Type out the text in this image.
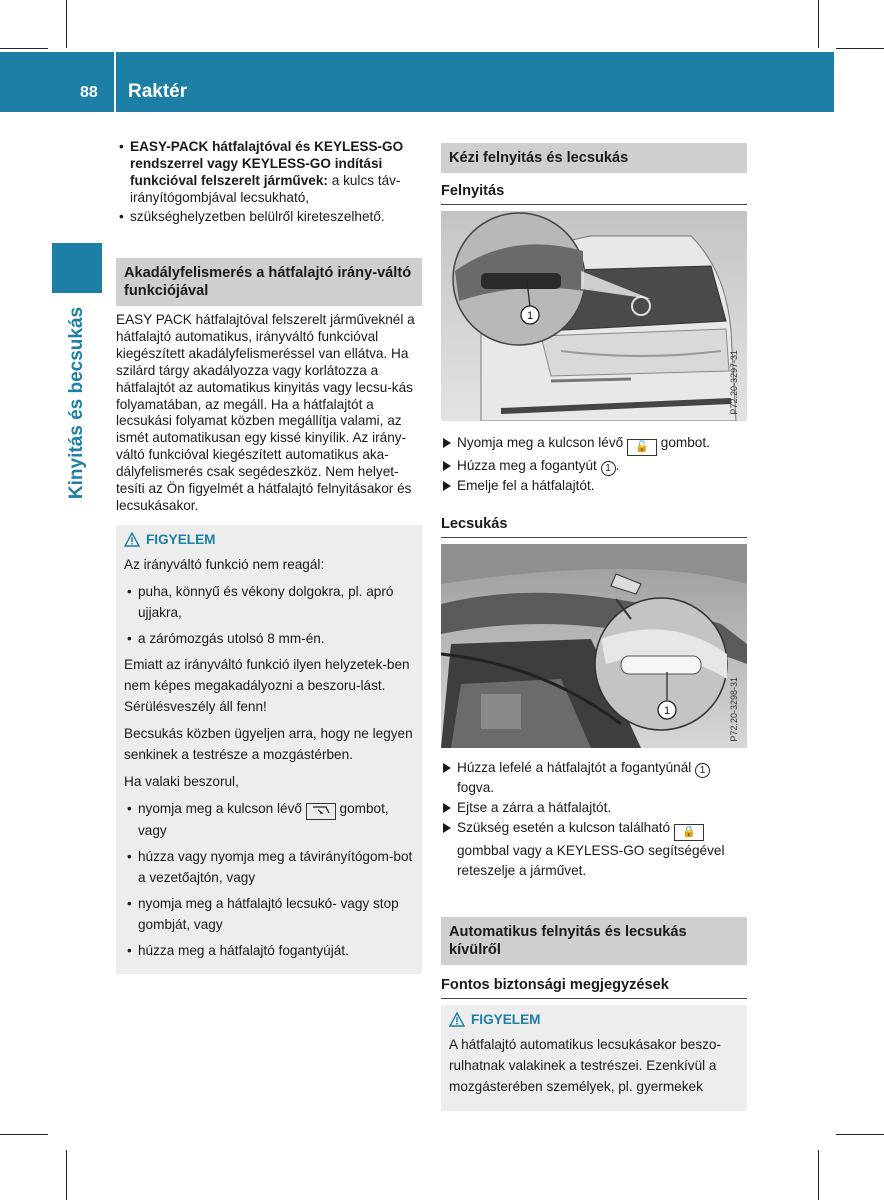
88 Raktér
Kinyitás és becsukás
• EASY-PACK hátfalajtóval és KEYLESS-GO rendszerrel vagy KEYLESS-GO indítási funkcióval felszerelt járművek: a kulcs táv-irányítógombjával lecsukható,
• szükséghelyzetben belülről kireteszelhető.
Akadályfelismerés a hátfalajtó irány-váltó funkciójával
EASY PACK hátfalajtóval felszerelt járműveknél a hátfalajtó automatikus, irányváltó funkcióval kiegészített akadályfelismeréssel van ellátva. Ha szilárd tárgy akadályozza vagy korlátozza a hátfalajtót az automatikus kinyitás vagy lecsu-kás folyamatában, az megáll. Ha a hátfalajtót a lecsukási folyamat közben megállítja valami, az ismét automatikusan egy kissé kinyílik. Az irány-váltó funkcióval kiegészített automatikus aka-dályfelismerés csak segédeszköz. Nem helyet-tesíti az Ön figyelmét a hátfalajtó felnyitásakor és lecsukásakor.
FIGYELEM

Az irányváltó funkció nem reagál:

• puha, könnyű és vékony dolgokra, pl. apró ujjakra,
• a zárómozgás utolsó 8 mm-én.

Emiatt az irányváltó funkció ilyen helyzetek-ben nem képes megakadályozni a beszoru-lást. Sérülésveszély áll fenn!

Becsukás közben ügyeljen arra, hogy ne legyen senkinek a testrésze a mozgástérben.

Ha valaki beszorul,

• nyomja meg a kulcson lévő	gombot, vagy
• húzza vagy nyomja meg a távirányítógom-bot a vezetőajtón, vagy
• nyomja meg a hátfalajtó lecsukó- vagy stop gombját, vagy
• húzza meg a hátfalajtó fogantyúját.
Kézi felnyitás és lecsukás
Felnyitás
1
P72.20-3297-31
Nyomja meg a kulcson lévő 🔓 gombot.
Húzza meg a fogantyút 1 .
Emelje fel a hátfalajtót.
Lecsukás
1	P72.20-3298-31
Húzza lefelé a hátfalajtót a fogantyúnál 1 fogva.
Ejtse a zárra a hátfalajtót.
Szükség esetén a kulcson található 🔒 gombbal vagy a KEYLESS-GO segítségével reteszelje a járművet.
Automatikus felnyitás és lecsukás kívülről
Fontos biztonsági megjegyzések
FIGYELEM

A hátfalajtó automatikus lecsukásakor beszo-rulhatnak valakinek a testrészei. Ezenkívül a mozgásterében személyek, pl. gyermekek
